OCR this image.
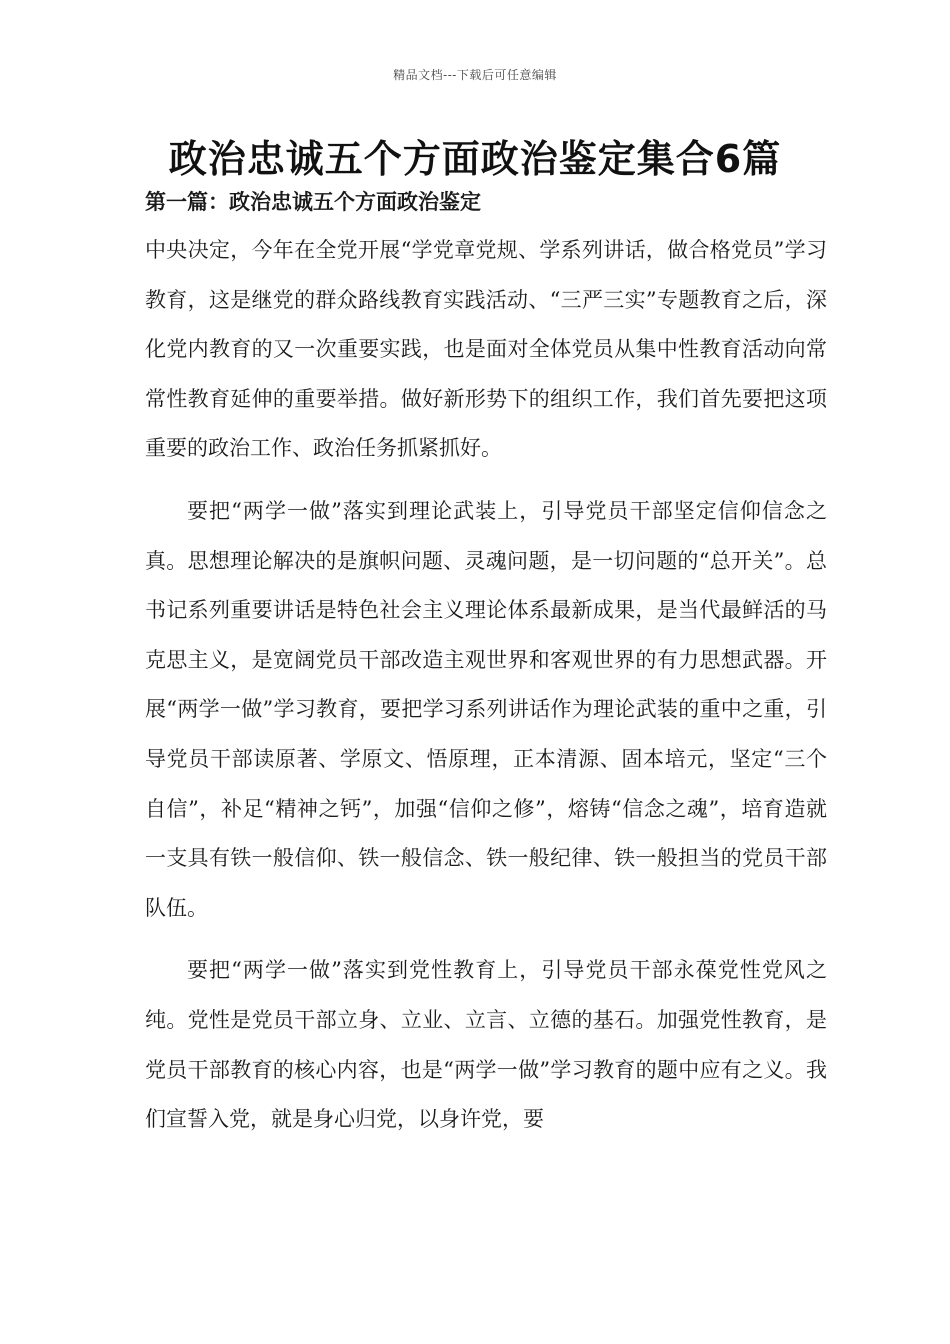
精品文档---下载后可任意编辑
政治忠诚五个方面政治鉴定集合6篇
第一篇：政治忠诚五个方面政治鉴定

中央决定，今年在全党开展“学党章党规、学系列讲话，做合格党员”学习教育，这是继党的群众路线教育实践活动、“三严三实”专题教育之后，深化党内教育的又一次重要实践，也是面对全体党员从集中性教育活动向常常性教育延伸的重要举措。做好新形势下的组织工作，我们首先要把这项重要的政治工作、政治任务抓紧抓好。

要把“两学一做”落实到理论武装上，引导党员干部坚定信仰信念之真。思想理论解决的是旗帜问题、灵魂问题，是一切问题的“总开关”。总书记系列重要讲话是特色社会主义理论体系最新成果，是当代最鲜活的马克思主义，是宽阔党员干部改造主观世界和客观世界的有力思想武器。开展“两学一做”学习教育，要把学习系列讲话作为理论武装的重中之重，引导党员干部读原著、学原文、悟原理，正本清源、固本培元，坚定“三个自信”，补足“精神之钙”，加强“信仰之修”，熔铸“信念之魂”，培育造就一支具有铁一般信仰、铁一般信念、铁一般纪律、铁一般担当的党员干部队伍。

要把“两学一做”落实到党性教育上，引导党员干部永葆党性党风之纯。党性是党员干部立身、立业、立言、立德的基石。加强党性教育，是党员干部教育的核心内容，也是“两学一做”学习教育的题中应有之义。我们宣誓入党，就是身心归党，以身许党，要
